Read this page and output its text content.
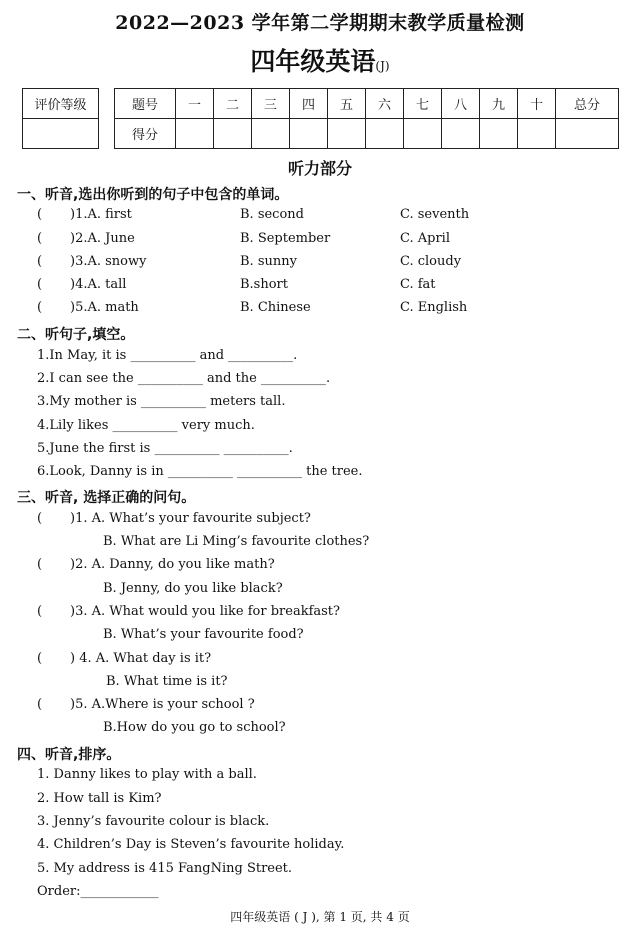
2022—2023 学年第二学期期末教学质量检测
四年级英语(J)
评价等级	题号	一	二	三	四	五	六	七	八	九	十	总分
得分											
听力部分
一、听音,选出你听到的句子中包含的单词。
( )1.A. first	B. second	C. seventh
( )2.A. June	B. September	C. April
( )3.A. snowy	B. sunny	C. cloudy
( )4.A. tall	B.short	C. fat
( )5.A. math	B. Chinese	C. English
二、听句子,填空。
1.In May, it is __________ and __________.
2.I can see the __________ and the __________.
3.My mother is __________ meters tall.
4.Lily likes __________ very much.
5.June the first is __________ __________.
6.Look, Danny is in __________ __________ the tree.
三、听音, 选择正确的问句。
( )1. A. What’s your favourite subject?
B. What are Li Ming’s favourite clothes?
( )2. A. Danny, do you like math?
B. Jenny, do you like black?
( )3. A. What would you like for breakfast?
B. What’s your favourite food?
( ) 4. A. What day is it?
B. What time is it?
( )5. A.Where is your school ?
B.How do you go to school?
四、听音,排序。
1. Danny likes to play with a ball.
2. How tall is Kim?
3. Jenny’s favourite colour is black.
4. Children’s Day is Steven’s favourite holiday.
5. My address is 415 FangNing Street.
Order:____________
四年级英语 ( J ), 第 1 页, 共 4 页
